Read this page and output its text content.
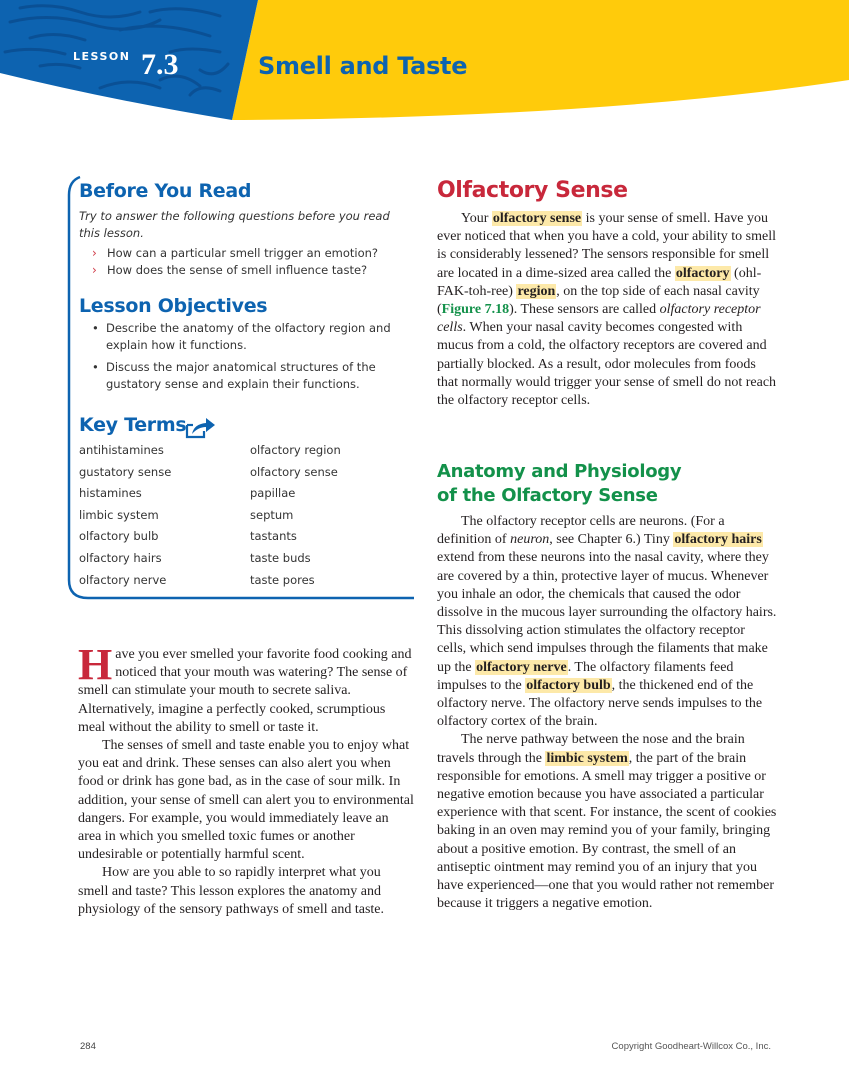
LESSON 7.3	Smell and Taste
Before You Read
Try to answer the following questions before you read this lesson.
› How can a particular smell trigger an emotion?
› How does the sense of smell influence taste?
Lesson Objectives
• Describe the anatomy of the olfactory region and explain how it functions.
• Discuss the major anatomical structures of the gustatory sense and explain their functions.
Key Terms
antihistamines
gustatory sense
histamines
limbic system
olfactory bulb
olfactory hairs
olfactory nerve
olfactory region
olfactory sense
papillae
septum
tastants
taste buds
taste pores

Have you ever smelled your favorite food cooking and noticed that your mouth was watering? The sense of smell can stimulate your mouth to secrete saliva. Alternatively, imagine a perfectly cooked, scrumptious meal without the ability to smell or taste it.

The senses of smell and taste enable you to enjoy what you eat and drink. These senses can also alert you when food or drink has gone bad, as in the case of sour milk. In addition, your sense of smell can alert you to environmental dangers. For example, you would immediately leave an area in which you smelled toxic fumes or another undesirable or potentially harmful scent.

How are you able to so rapidly interpret what you smell and taste? This lesson explores the anatomy and physiology of the sensory pathways of smell and taste.

Olfactory Sense

Your olfactory sense is your sense of smell. Have you ever noticed that when you have a cold, your ability to smell is considerably lessened? The sensors responsible for smell are located in a dime-sized area called the olfactory (ohl-FAK-toh-ree) region, on the top side of each nasal cavity (Figure 7.18). These sensors are called olfactory receptor cells. When your nasal cavity becomes congested with mucus from a cold, the olfactory receptors are covered and partially blocked. As a result, odor molecules from foods that normally would trigger your sense of smell do not reach the olfactory receptor cells.

Anatomy and Physiology
of the Olfactory Sense

The olfactory receptor cells are neurons. (For a definition of neuron, see Chapter 6.) Tiny olfactory hairs extend from these neurons into the nasal cavity, where they are covered by a thin, protective layer of mucus. Whenever you inhale an odor, the chemicals that caused the odor dissolve in the mucous layer surrounding the olfactory hairs. This dissolving action stimulates the olfactory receptor cells, which send impulses through the filaments that make up the olfactory nerve. The olfactory filaments feed impulses to the olfactory bulb, the thickened end of the olfactory nerve. The olfactory nerve sends impulses to the olfactory cortex of the brain.

The nerve pathway between the nose and the brain travels through the limbic system, the part of the brain responsible for emotions. A smell may trigger a positive or negative emotion because you have associated a particular experience with that scent. For instance, the scent of cookies baking in an oven may remind you of your family, bringing about a positive emotion. By contrast, the smell of an antiseptic ointment may remind you of an injury that you have experienced—one that you would rather not remember because it triggers a negative emotion.

284	Copyright Goodheart-Willcox Co., Inc.
